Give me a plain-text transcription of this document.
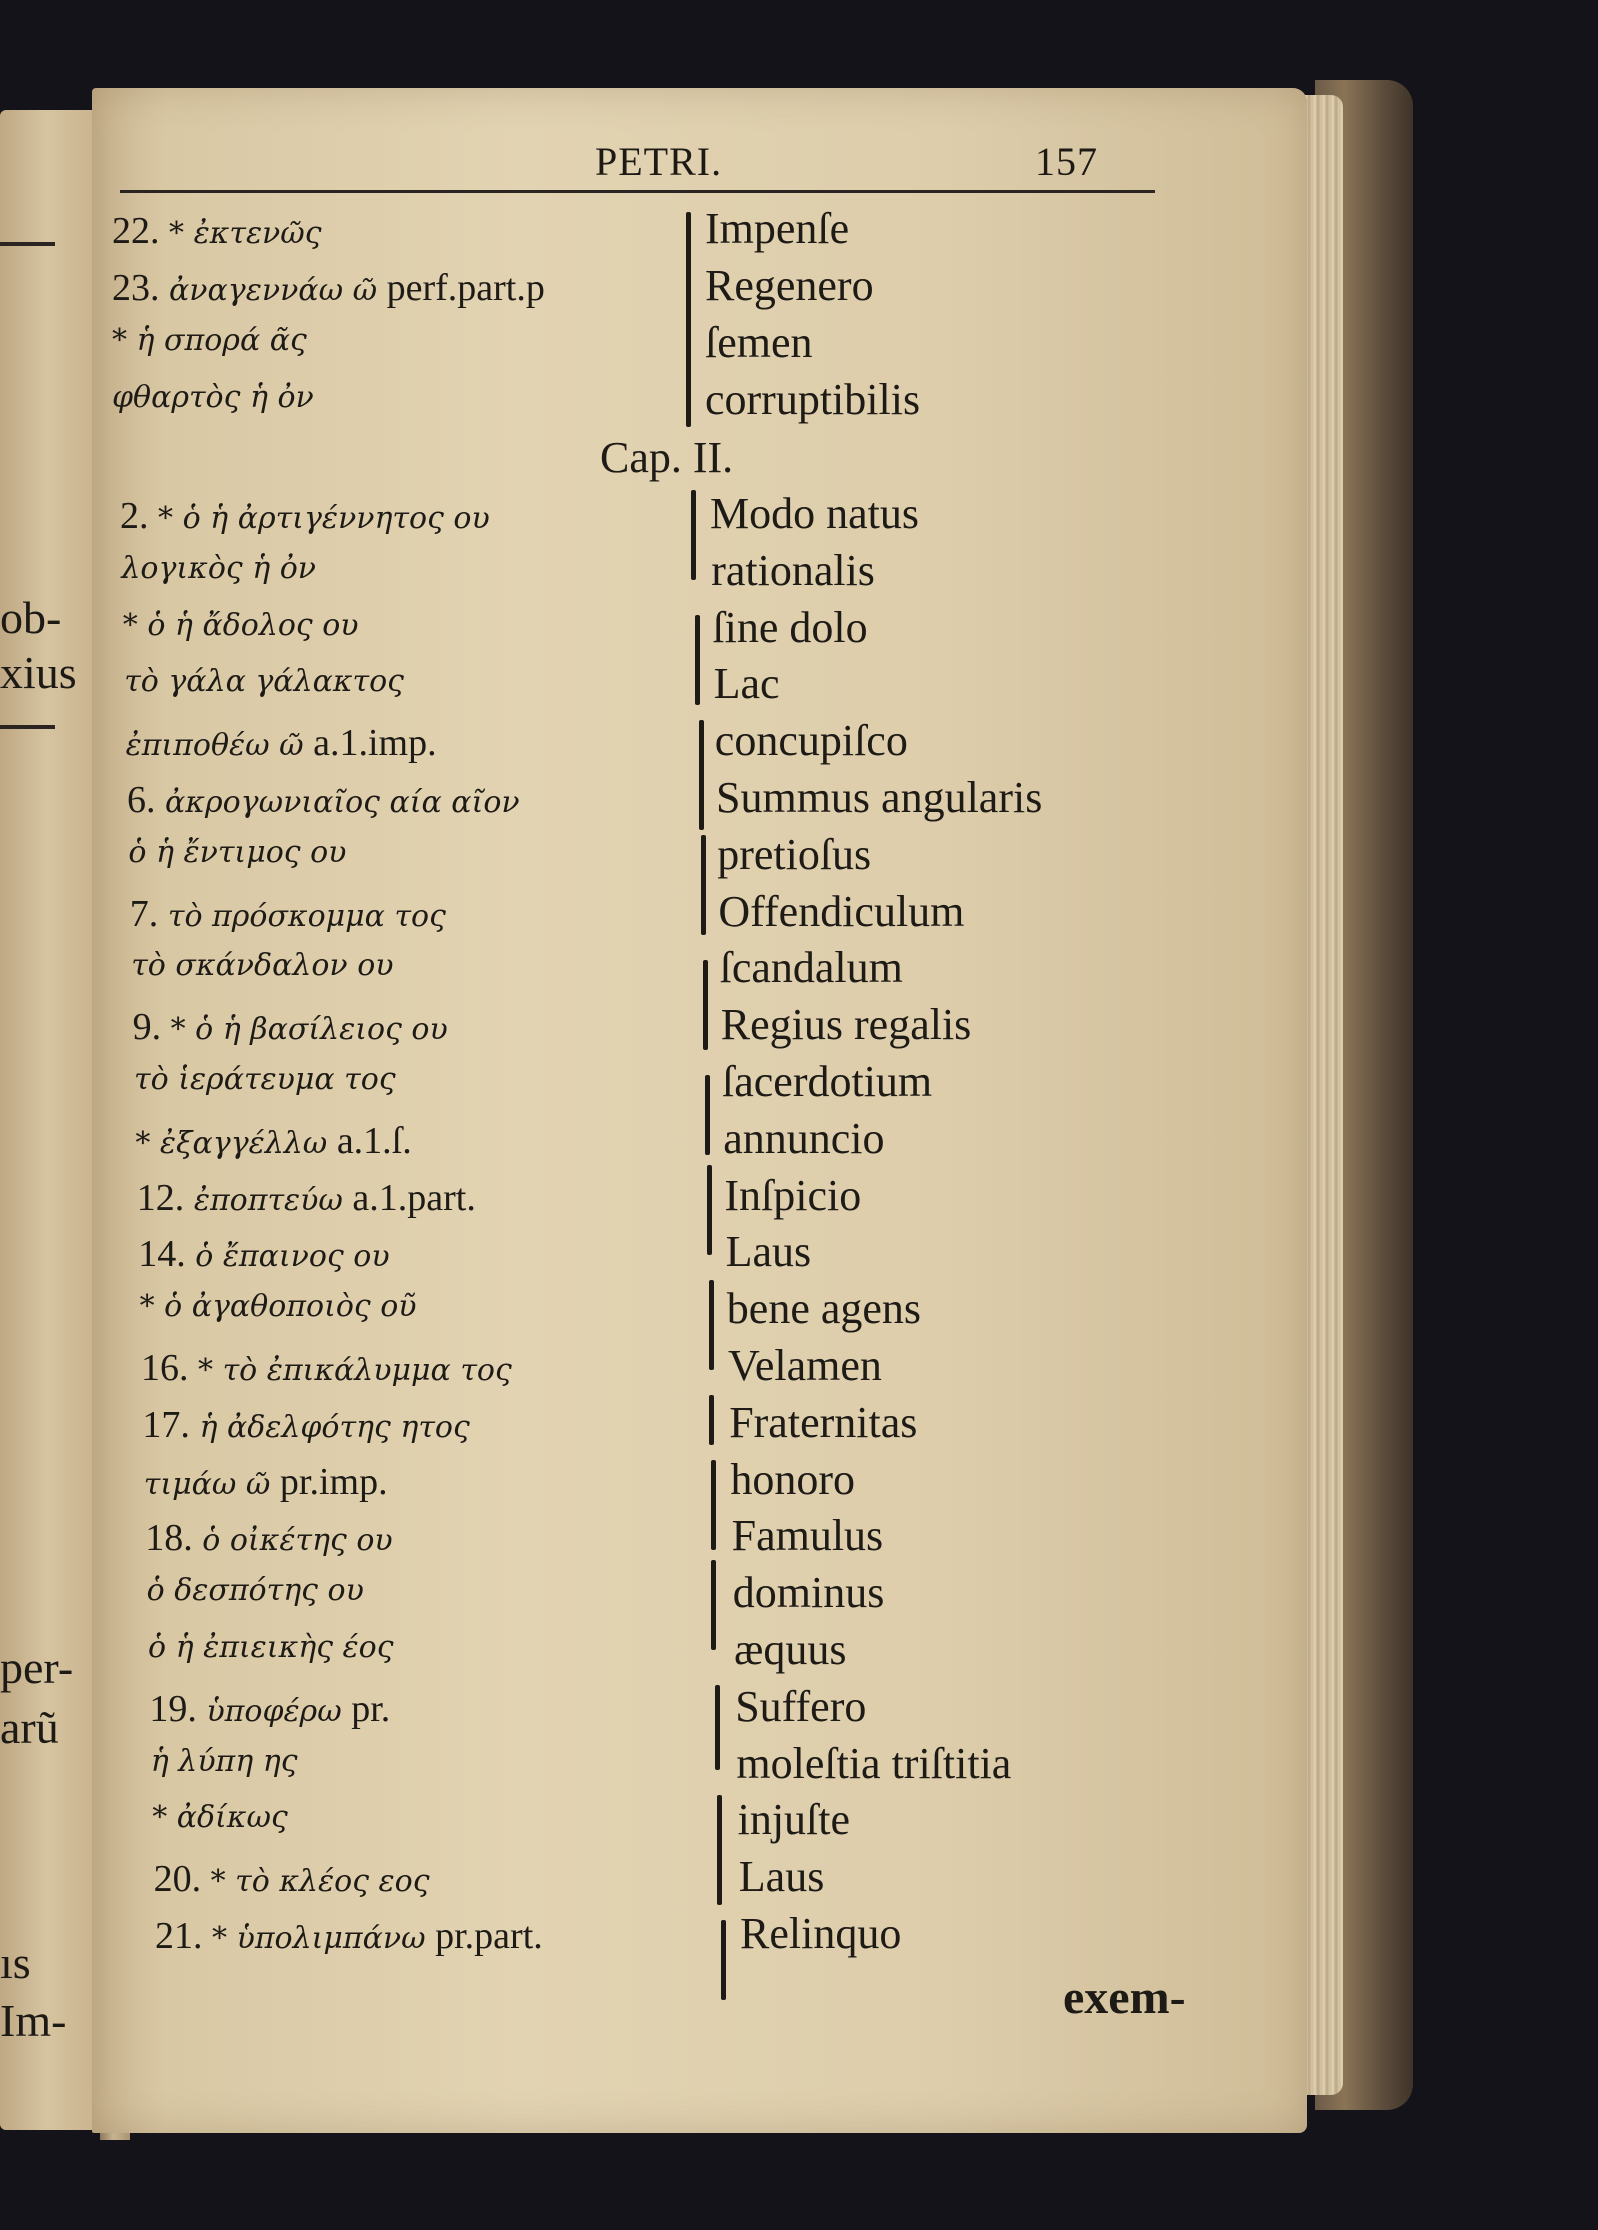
ob-
xius
per-
arũ
ıs
Im-
PETRI.	157
22. * ἐκτενῶς	Impenſe
23. ἀναγεννάω ῶ perf.part.p	Regenero
* ἡ σπορά ᾶς	ſemen
φθαρτὸς ἡ ὀν	corruptibilis
Cap. II.
2. * ὁ ἡ ἀρτιγέννητος ου	Modo natus
λογικὸς ἡ ὀν	rationalis
* ὁ ἡ ἄδολος ου	ſine dolo
τὸ γάλα γάλακτος	Lac
ἐπιποθέω ῶ a.1.imp.	concupiſco
6. ἀκρογωνιαῖος αία αῖον	Summus angularis
ὁ ἡ ἔντιμος ου	pretioſus
7. τὸ πρόσκομμα τος	Offendiculum
τὸ σκάνδαλον ου	ſcandalum
9. * ὁ ἡ βασίλειος ου	Regius regalis
τὸ ἱεράτευμα τος	ſacerdotium
* ἐξαγγέλλω a.1.ſ.	annuncio
12. ἐποπτεύω a.1.part.	Inſpicio
14. ὁ ἔπαινος ου	Laus
* ὁ ἀγαθοποιὸς οῦ	bene agens
16. * τὸ ἐπικάλυμμα τος	Velamen
17. ἡ ἀδελφότης ητος	Fraternitas
τιμάω ῶ pr.imp.	honoro
18. ὁ οἰκέτης ου	Famulus
ὁ δεσπότης ου	dominus
ὁ ἡ ἐπιεικὴς έος	æquus
19. ὑποφέρω pr.	Suffero
ἡ λύπη ης	moleſtia triſtitia
* ἀδίκως	injuſte
20. * τὸ κλέος εος	Laus
21. * ὑπολιμπάνω pr.part.	Relinquo
exem-
